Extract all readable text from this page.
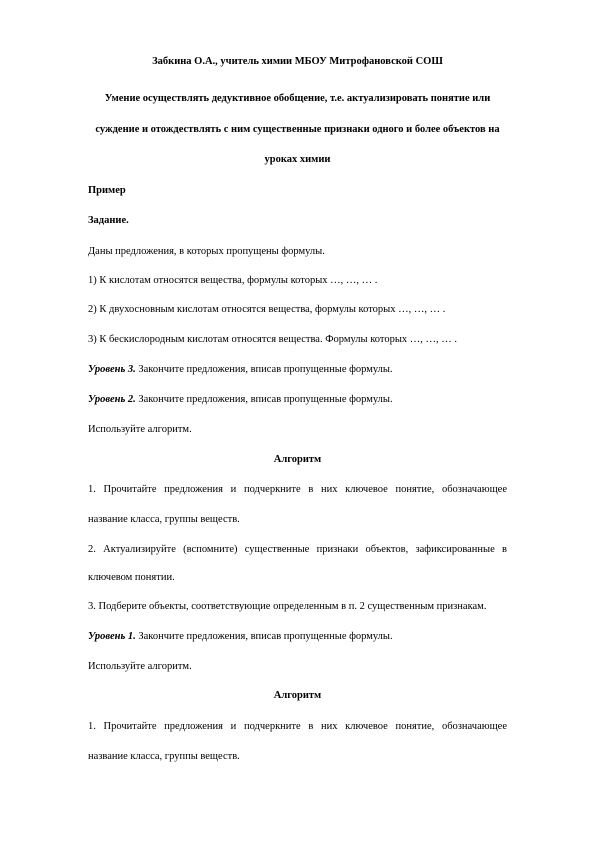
Забкина О.А., учитель химии МБОУ Митрофановской СОШ
Умение осуществлять дедуктивное обобщение, т.е. актуализировать понятие или
суждение и отождествлять с ним существенные признаки одного и более объектов на
уроках химии
Пример
Задание.
Даны предложения, в которых пропущены формулы.
1) К кислотам относятся вещества, формулы которых …, …, … .
2) К двухосновным кислотам относятся вещества, формулы которых …, …, … .
3) К бескислородным кислотам относятся вещества. Формулы которых …, …, … .
Уровень 3. Закончите предложения, вписав пропущенные формулы.
Уровень 2. Закончите предложения, вписав пропущенные формулы.
Используйте алгоритм.
Алгоритм
1. Прочитайте предложения и подчеркните в них ключевое понятие, обозначающее
название класса, группы веществ.
2. Актуализируйте (вспомните) существенные признаки объектов, зафиксированные в
ключевом понятии.
3. Подберите объекты, соответствующие определенным в п. 2 существенным признакам.
Уровень 1. Закончите предложения, вписав пропущенные формулы.
Используйте алгоритм.
Алгоритм
1. Прочитайте предложения и подчеркните в них ключевое понятие, обозначающее
название класса, группы веществ.
